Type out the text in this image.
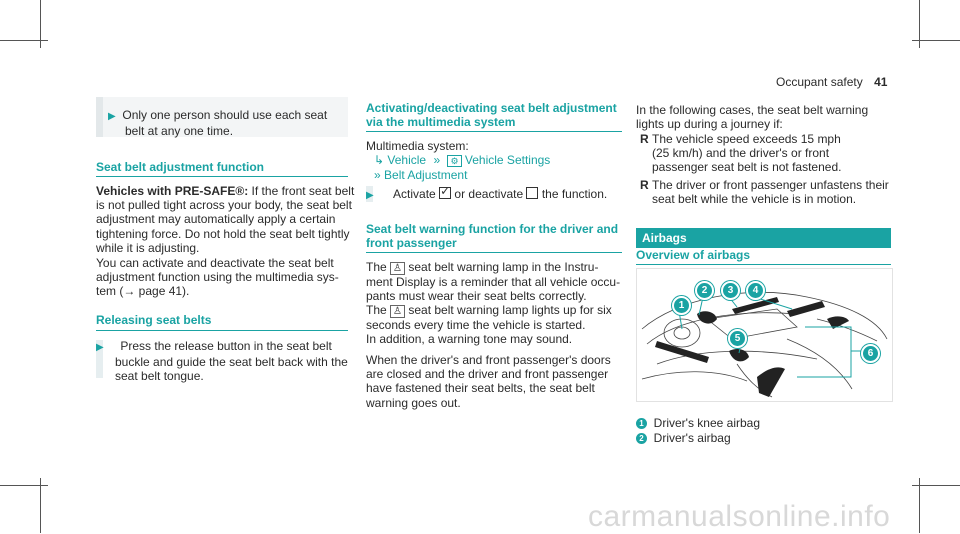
Occupant safety 41
▶ Only one person should use each seat
belt at any one time.
Seat belt adjustment function
Vehicles with PRE-SAFE®: If the front seat belt
is not pulled tight across your body, the seat belt
adjustment may automatically apply a certain
tightening force. Do not hold the seat belt tightly
while it is adjusting.
You can activate and deactivate the seat belt
adjustment function using the multimedia sys-
tem (→ page 41).
Releasing seat belts
▶ Press the release button in the seat belt
buckle and guide the seat belt back with the
seat belt tongue.
Activating/deactivating seat belt adjustment
via the multimedia system
Multimedia system:
↳ Vehicle » ⚙ Vehicle Settings
» Belt Adjustment
▶ Activate ✓ or deactivate the function.
Seat belt warning function for the driver and
front passenger
The ♙ seat belt warning lamp in the Instru-
ment Display is a reminder that all vehicle occu-
pants must wear their seat belts correctly.
The ♙ seat belt warning lamp lights up for six
seconds every time the vehicle is started.
In addition, a warning tone may sound.
When the driver's and front passenger's doors
are closed and the driver and front passenger
have fastened their seat belts, the seat belt
warning goes out.
In the following cases, the seat belt warning
lights up during a journey if:
R The vehicle speed exceeds 15 mph
(25 km/h) and the driver's or front
passenger seat belt is not fastened.
R The driver or front passenger unfastens their
seat belt while the vehicle is in motion.
Airbags
Overview of airbags
1
2	3	4
5
6
1 Driver's knee airbag
2 Driver's airbag
carmanualsonline.info
